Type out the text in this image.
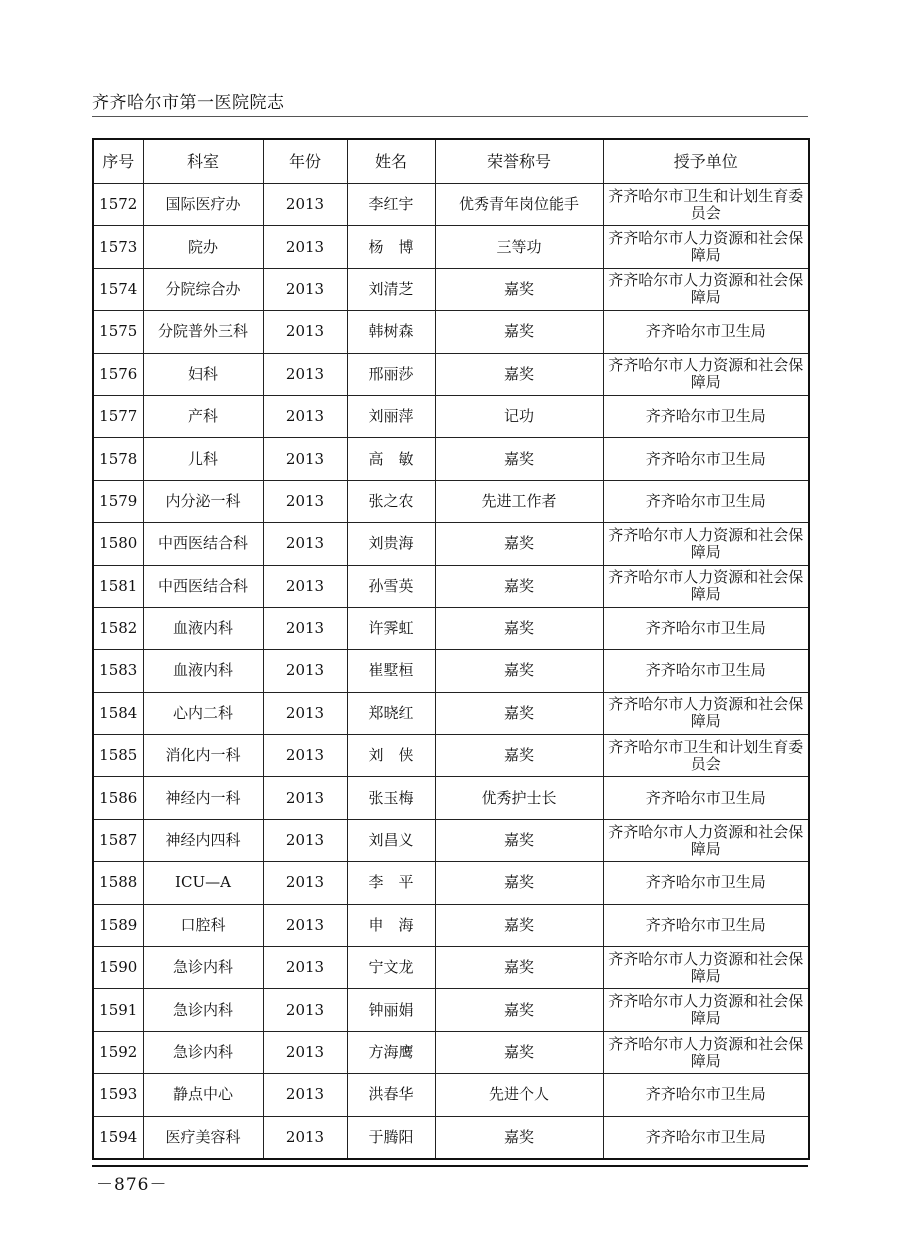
齐齐哈尔市第一医院院志
序号	科室	年份	姓名	荣誉称号	授予单位
1572	国际医疗办	2013	李红宇	优秀青年岗位能手	齐齐哈尔市卫生和计划生育委员会
1573	院办	2013	杨　博	三等功	齐齐哈尔市人力资源和社会保障局
1574	分院综合办	2013	刘清芝	嘉奖	齐齐哈尔市人力资源和社会保障局
1575	分院普外三科	2013	韩树森	嘉奖	齐齐哈尔市卫生局
1576	妇科	2013	邢丽莎	嘉奖	齐齐哈尔市人力资源和社会保障局
1577	产科	2013	刘丽萍	记功	齐齐哈尔市卫生局
1578	儿科	2013	高　敏	嘉奖	齐齐哈尔市卫生局
1579	内分泌一科	2013	张之农	先进工作者	齐齐哈尔市卫生局
1580	中西医结合科	2013	刘贵海	嘉奖	齐齐哈尔市人力资源和社会保障局
1581	中西医结合科	2013	孙雪英	嘉奖	齐齐哈尔市人力资源和社会保障局
1582	血液内科	2013	许霁虹	嘉奖	齐齐哈尔市卫生局
1583	血液内科	2013	崔墅桓	嘉奖	齐齐哈尔市卫生局
1584	心内二科	2013	郑晓红	嘉奖	齐齐哈尔市人力资源和社会保障局
1585	消化内一科	2013	刘　侠	嘉奖	齐齐哈尔市卫生和计划生育委员会
1586	神经内一科	2013	张玉梅	优秀护士长	齐齐哈尔市卫生局
1587	神经内四科	2013	刘昌义	嘉奖	齐齐哈尔市人力资源和社会保障局
1588	ICU—A	2013	李　平	嘉奖	齐齐哈尔市卫生局
1589	口腔科	2013	申　海	嘉奖	齐齐哈尔市卫生局
1590	急诊内科	2013	宁文龙	嘉奖	齐齐哈尔市人力资源和社会保障局
1591	急诊内科	2013	钟丽娟	嘉奖	齐齐哈尔市人力资源和社会保障局
1592	急诊内科	2013	方海鹰	嘉奖	齐齐哈尔市人力资源和社会保障局
1593	静点中心	2013	洪春华	先进个人	齐齐哈尔市卫生局
1594	医疗美容科	2013	于腾阳	嘉奖	齐齐哈尔市卫生局
－876－
